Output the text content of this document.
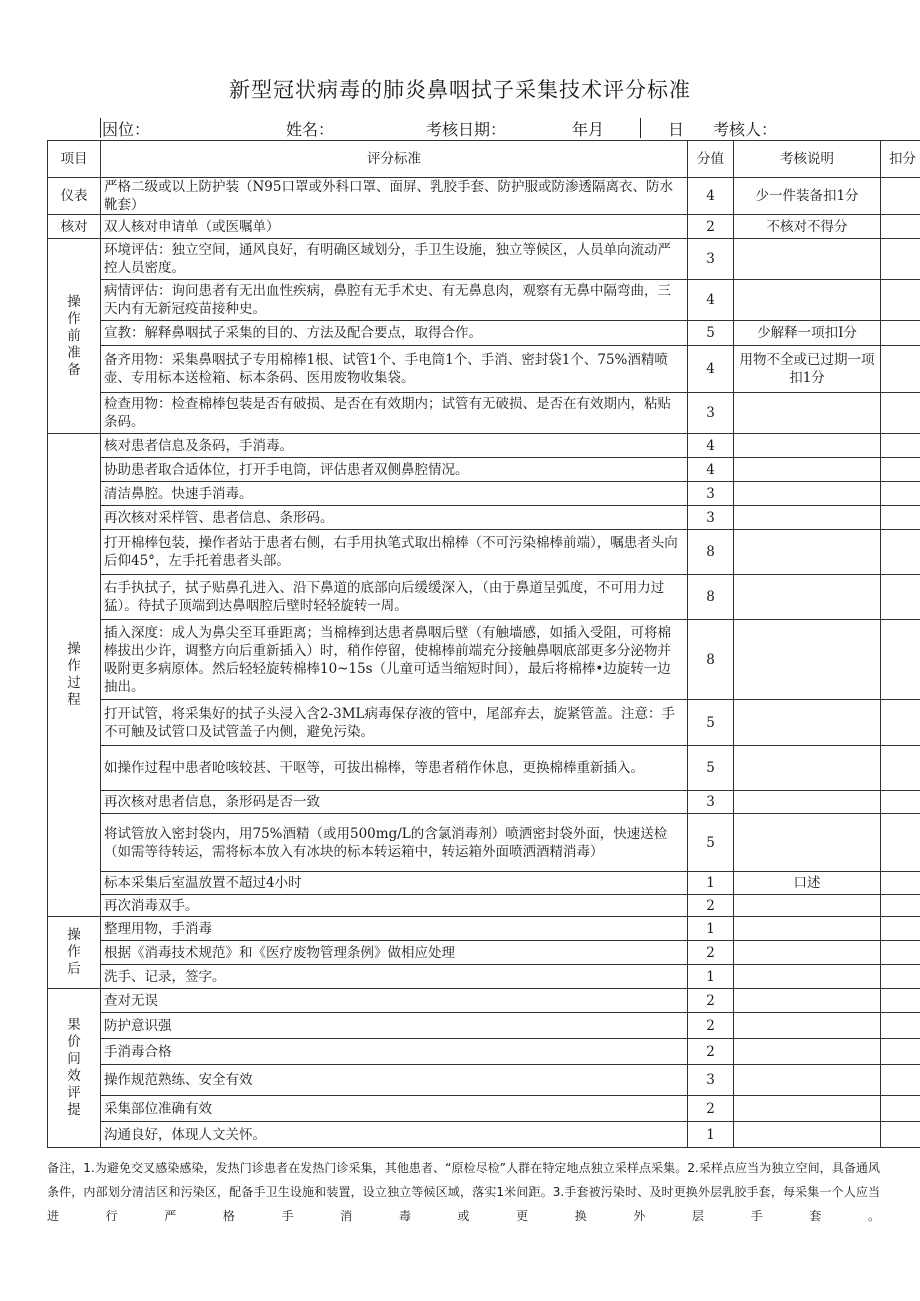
新型冠状病毒的肺炎鼻咽拭子采集技术评分标准
因位：	姓名：	考核日期：	年月	日 考核人：
项目	评分标准	分值	考核说明	扣分
仪表	严格二级或以上防护装（N95口罩或外科口罩、面屏、乳胶手套、防护服或防渗透隔离衣、防水靴套）	4	少一件装备扣1分	
核对	双人核对申请单（或医嘱单）	2	不核对不得分	
操作前准备	环境评估：独立空间，通风良好，有明确区域划分，手卫生设施，独立等候区，人员单向流动严控人员密度。	3		
	病情评估：询问患者有无出血性疾病，鼻腔有无手术史、有无鼻息肉，观察有无鼻中隔弯曲，三天内有无新冠疫苗接种史。	4		
	宣教：解释鼻咽拭子采集的目的、方法及配合要点，取得合作。	5	少解释一项扣I分	
	备齐用物：采集鼻咽拭子专用棉棒1根、试管1个、手电筒1个、手消、密封袋1个、75%酒精喷壶、专用标本送检箱、标本条码、医用废物收集袋。	4	用物不全或已过期一项扣1分	
	检查用物：检查棉棒包装是否有破损、是否在有效期内；试管有无破损、是否在有效期内，粘贴条码。	3		
操作过程	核对患者信息及条码，手消毒。	4		
	协助患者取合适体位，打开手电筒，评估患者双侧鼻腔情况。	4		
	清洁鼻腔。快速手消毒。	3		
	再次核对采样管、患者信息、条形码。	3		
	打开棉棒包装，操作者站于患者右侧，右手用执笔式取出棉棒（不可污染棉棒前端），嘱患者头向后仰45°，左手托着患者头部。	8		
	右手执拭子，拭子贴鼻孔进入、沿下鼻道的底部向后缓缓深入，（由于鼻道呈弧度，不可用力过猛）。待拭子顶端到达鼻咽腔后壁时轻轻旋转一周。	8		
	插入深度：成人为鼻尖至耳垂距离；当棉棒到达患者鼻咽后壁（有触墙感，如插入受阻，可将棉棒拔出少许，调整方向后重新插入）时，稍作停留，使棉棒前端充分接触鼻咽底部更多分泌物并吸附更多病原体。然后轻轻旋转棉棒10~15s（儿童可适当缩短时间），最后将棉棒•边旋转一边抽出。	8		
	打开试管，将采集好的拭子头浸入含2-3ML病毒保存液的管中，尾部弃去，旋紧管盖。注意：手不可触及试管口及试管盖子内侧，避免污染。	5		
	如操作过程中患者呛咳较甚、干呕等，可拔出棉棒，等患者稍作休息，更换棉棒重新插入。	5		
	再次核对患者信息，条形码是否一致	3		
	将试管放入密封袋内，用75%酒精（或用500mg/L的含氯消毒剂）喷洒密封袋外面，快速送检（如需等待转运，需将标本放入有冰块的标本转运箱中，转运箱外面喷洒酒精消毒）	5		
	标本采集后室温放置不超过4小时	1	口述	
	再次消毒双手。	2		
操作后	整理用物，手消毒	1		
	根据《消毒技术规范》和《医疗废物管理条例》做相应处理	2		
	洗手、记录，签字。	1		
果价问效评提	查对无误	2		
	防护意识强	2		
	手消毒合格	2		
	操作规范熟练、安全有效	3		
	采集部位准确有效	2		
	沟通良好，体现人文关怀。	1		
备注，1.为避免交叉感染感染，发热门诊患者在发热门诊采集，其他患者、“原检尽检”人群在特定地点独立采样点采集。2.采样点应当为独立空间，具备通风条件，内部划分清洁区和污染区，配备手卫生设施和装置，设立独立等候区域，落实1米间距。3.手套被污染时、及时更换外层乳胶手套，每采集一个人应当进行严格手消毒或更换外层手套。
